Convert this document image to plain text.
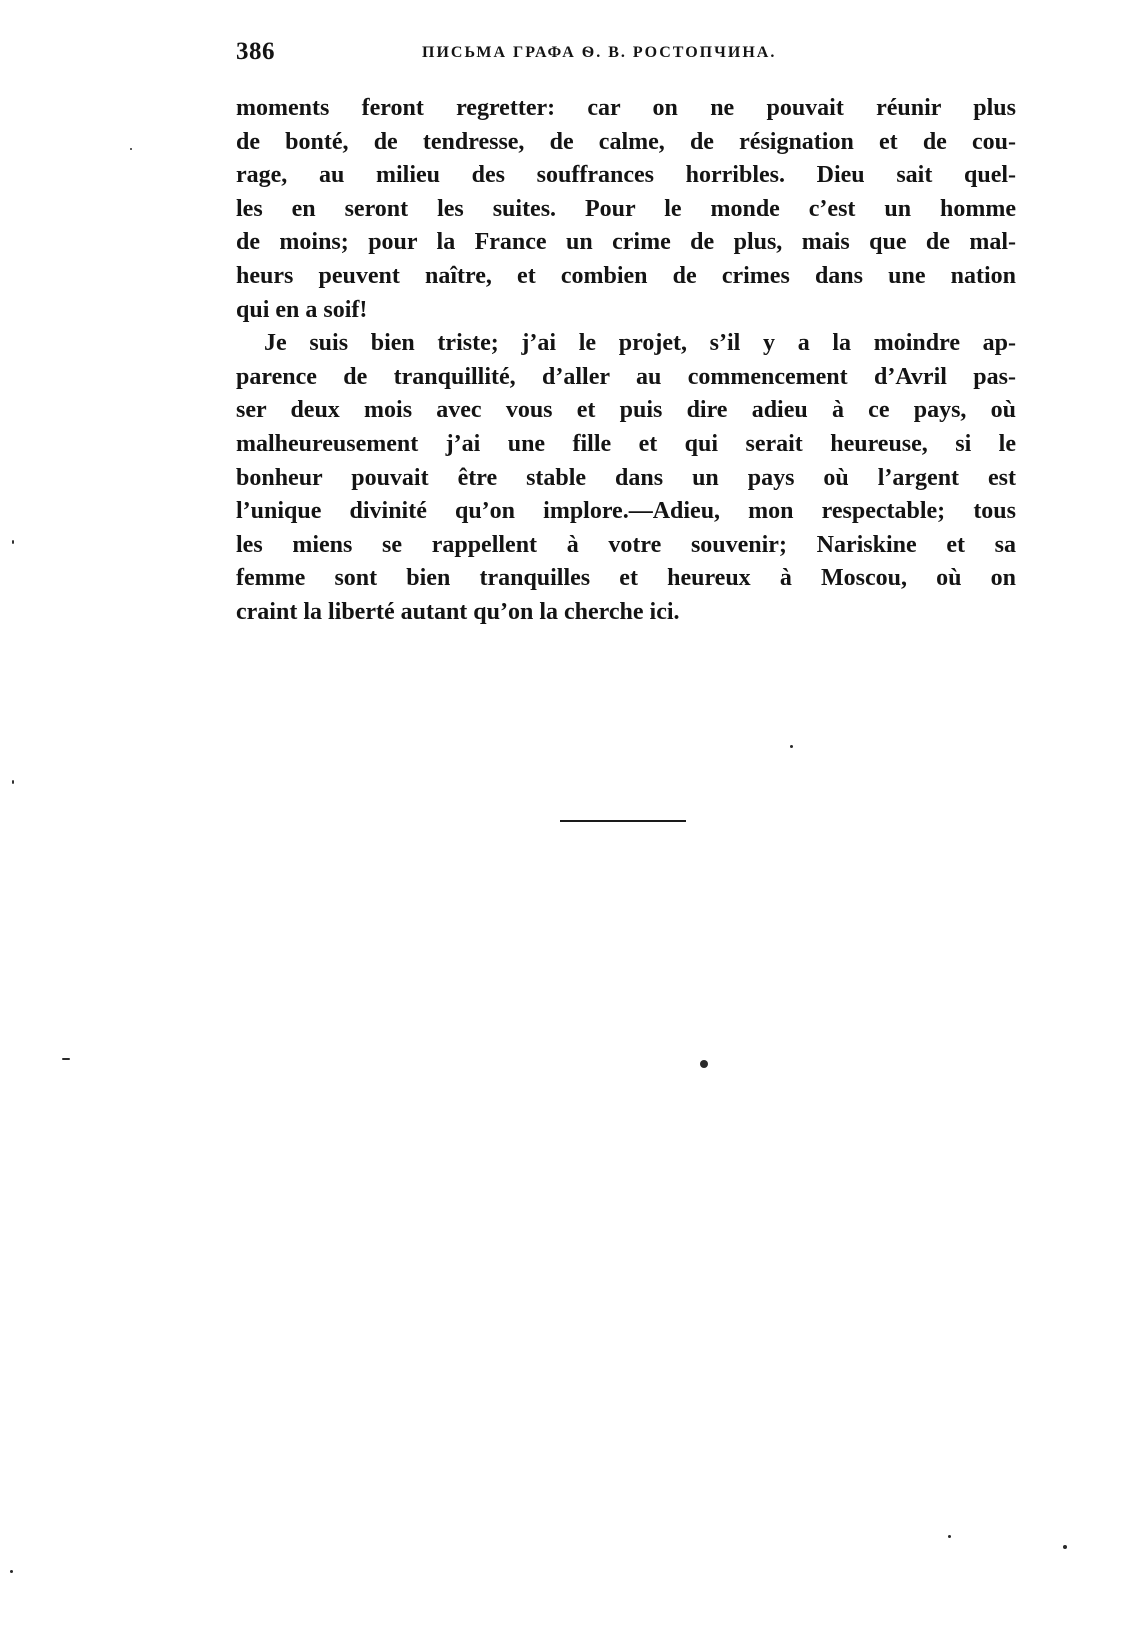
386	ПИСЬМА ГРАФА Ѳ. В. РОСТОПЧИНА.
moments feront regretter: car on ne pouvait réunir plus
de bonté, de tendresse, de calme, de résignation et de cou-
rage, au milieu des souffrances horribles. Dieu sait quel-
les en seront les suites. Pour le monde c’est un homme
de moins; pour la France un crime de plus, mais que de mal-
heurs peuvent naître, et combien de crimes dans une nation
qui en a soif!
Je suis bien triste; j’ai le projet, s’il y a la moindre ap-
parence de tranquillité, d’aller au commencement d’Avril pas-
ser deux mois avec vous et puis dire adieu à ce pays, où
malheureusement j’ai une fille et qui serait heureuse, si le
bonheur pouvait être stable dans un pays où l’argent est
l’unique divinité qu’on implore.—Adieu, mon respectable; tous
les miens se rappellent à votre souvenir; Nariskine et sa
femme sont bien tranquilles et heureux à Moscou, où on
craint la liberté autant qu’on la cherche ici.
